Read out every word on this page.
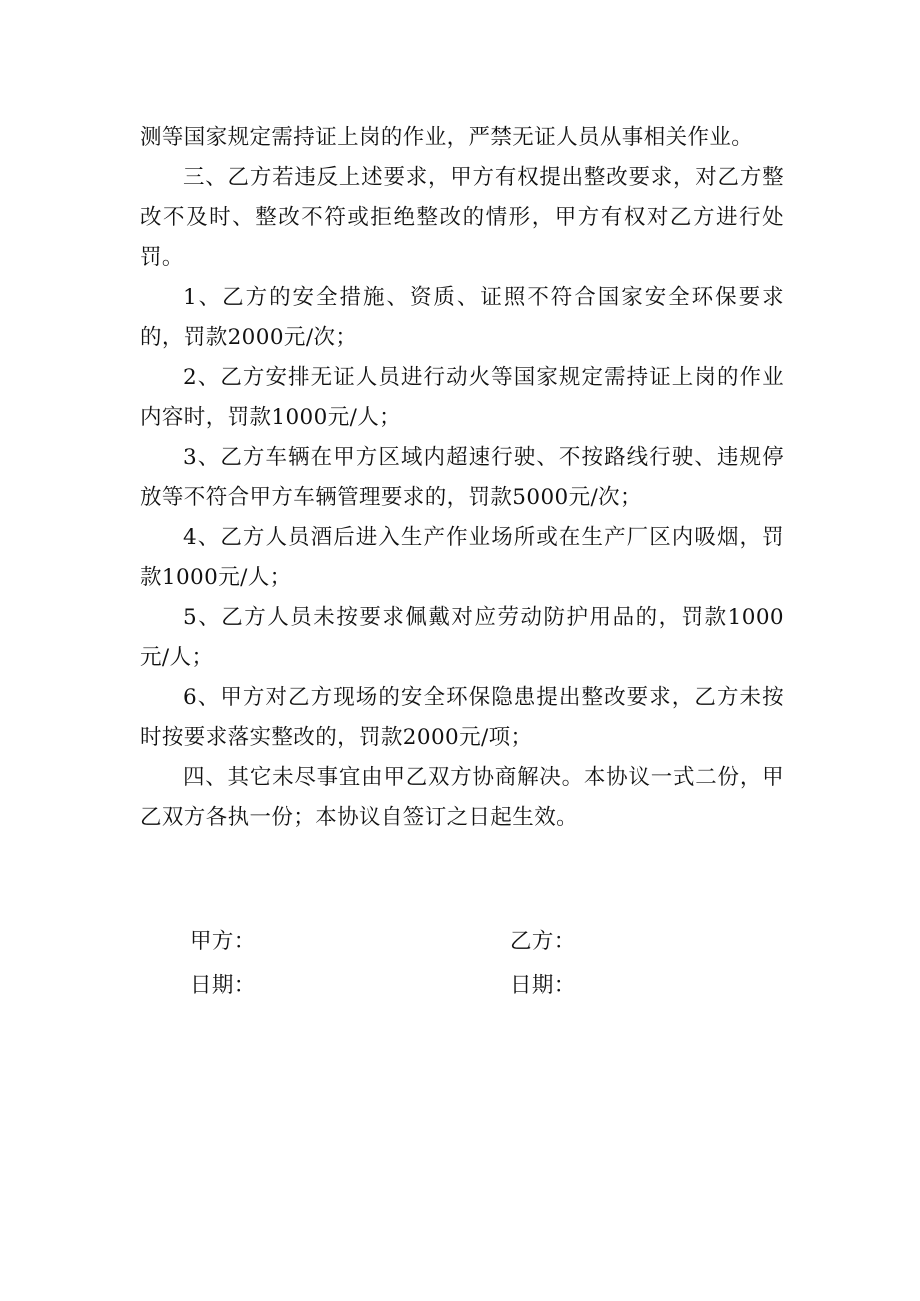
测等国家规定需持证上岗的作业，严禁无证人员从事相关作业。

三、乙方若违反上述要求，甲方有权提出整改要求，对乙方整改不及时、整改不符或拒绝整改的情形，甲方有权对乙方进行处罚。

1、乙方的安全措施、资质、证照不符合国家安全环保要求的，罚款2000元/次；

2、乙方安排无证人员进行动火等国家规定需持证上岗的作业内容时，罚款1000元/人；

3、乙方车辆在甲方区域内超速行驶、不按路线行驶、违规停放等不符合甲方车辆管理要求的，罚款5000元/次；

4、乙方人员酒后进入生产作业场所或在生产厂区内吸烟，罚款1000元/人；

5、乙方人员未按要求佩戴对应劳动防护用品的，罚款1000元/人；

6、甲方对乙方现场的安全环保隐患提出整改要求，乙方未按时按要求落实整改的，罚款2000元/项；

四、其它未尽事宜由甲乙双方协商解决。本协议一式二份，甲乙双方各执一份；本协议自签订之日起生效。

甲方：	乙方：
日期：	日期：
